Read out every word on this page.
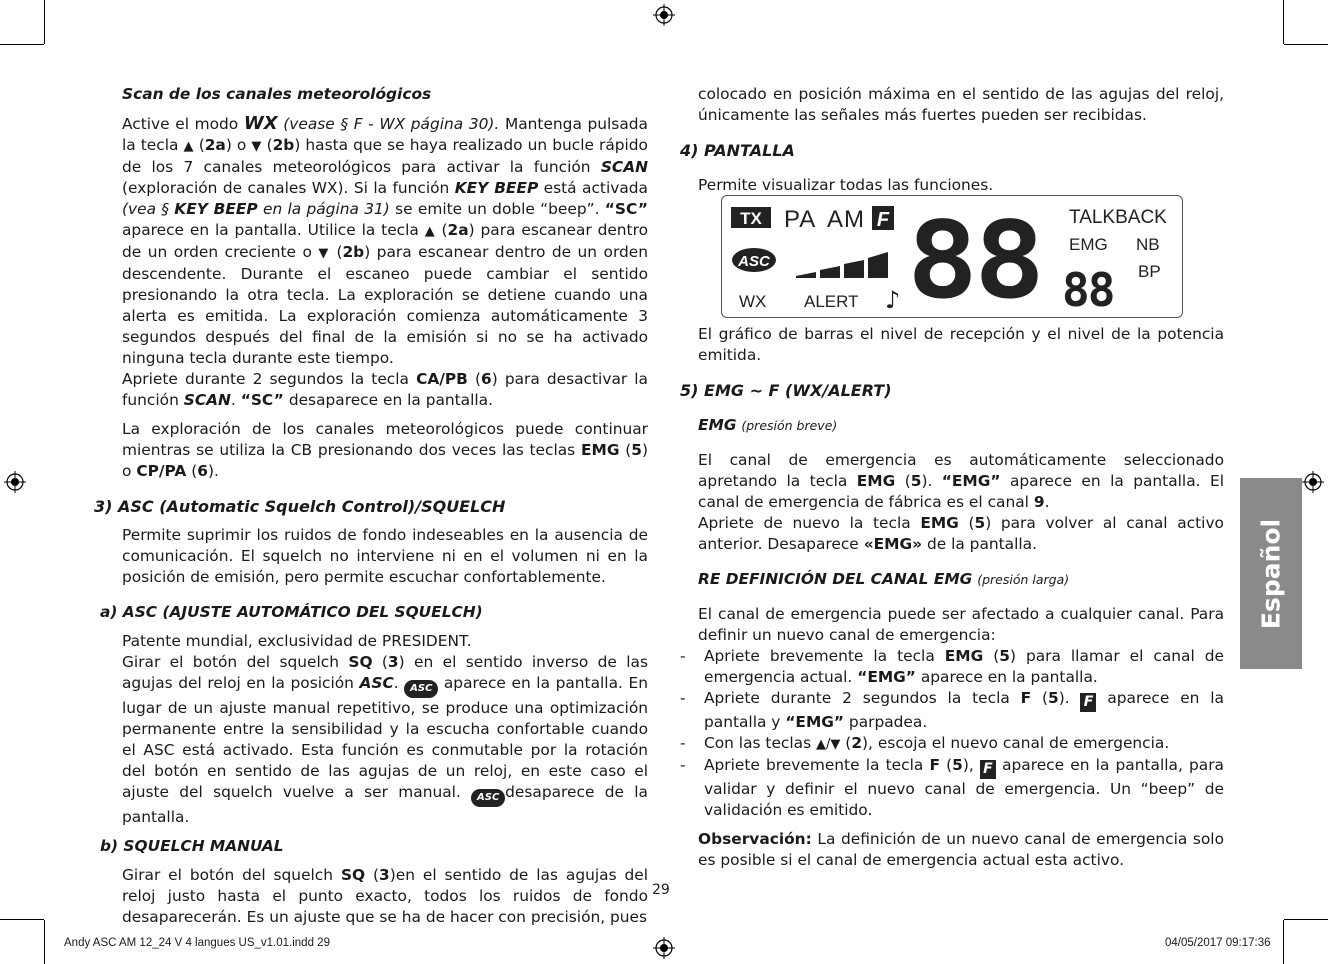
Scan de los canales meteorológicos

Active el modo WX (vease § F - WX página 30). Mantenga pulsada la tecla ▲ (2a) o ▼ (2b) hasta que se haya realizado un bucle rápido de los 7 canales meteorológicos para activar la función SCAN (exploración de canales WX). Si la función KEY BEEP está activada (vea § KEY BEEP en la página 31) se emite un doble “beep”. “SC” aparece en la pantalla. Utilice la tecla ▲ (2a) para escanear dentro de un orden creciente o ▼ (2b) para escanear dentro de un orden descendente. Durante el escaneo puede cambiar el sentido presionando la otra tecla. La exploración se detiene cuando una alerta es emitida. La exploración comienza automáticamente 3 segundos después del final de la emisión si no se ha activado ninguna tecla durante este tiempo.

Apriete durante 2 segundos la tecla CA/PB (6) para desactivar la función SCAN. “SC” desaparece en la pantalla.

La exploración de los canales meteorológicos puede continuar mientras se utiliza la CB presionando dos veces las teclas EMG (5) o CP/PA (6).

3) ASC (Automatic Squelch Control)/SQUELCH

Permite suprimir los ruidos de fondo indeseables en la ausencia de comunicación. El squelch no interviene ni en el volumen ni en la posición de emisión, pero permite escuchar confortablemente.

a) ASC (AJUSTE AUTOMÁTICO DEL SQUELCH)

Patente mundial, exclusividad de PRESIDENT.

Girar el botón del squelch SQ (3) en el sentido inverso de las agujas del reloj en la posición ASC. ASC aparece en la pantalla. En lugar de un ajuste manual repetitivo, se produce una optimización permanente entre la sensibilidad y la escucha confortable cuando el ASC está activado. Esta función es conmutable por la rotación del botón en sentido de las agujas de un reloj, en este caso el ajuste del squelch vuelve a ser manual. ASC desaparece de la pantalla.

b) SQUELCH MANUAL

Girar el botón del squelch SQ (3)en el sentido de las agujas del reloj justo hasta el punto exacto, todos los ruidos de fondo desaparecerán. Es un ajuste que se ha de hacer con precisión, pues

colocado en posición máxima en el sentido de las agujas del reloj, únicamente las señales más fuertes pueden ser recibidas.

4) PANTALLA

Permite visualizar todas las funciones.

TX PA AM F
ASC
WX ALERT ♪ 88 88
TALKBACK
EMG NB
BP

El gráfico de barras el nivel de recepción y el nivel de la potencia emitida.

5) EMG ~ F (WX/ALERT)

EMG (presión breve)

El canal de emergencia es automáticamente seleccionado apretando la tecla EMG (5). “EMG” aparece en la pantalla. El canal de emergencia de fábrica es el canal 9.

Apriete de nuevo la tecla EMG (5) para volver al canal activo anterior. Desaparece «EMG» de la pantalla.

RE DEFINICIÓN DEL CANAL EMG (presión larga)

El canal de emergencia puede ser afectado a cualquier canal. Para definir un nuevo canal de emergencia:

-	Apriete brevemente la tecla EMG (5) para llamar el canal de emergencia actual. “EMG” aparece en la pantalla.
-	Apriete durante 2 segundos la tecla F (5). F aparece en la pantalla y “EMG” parpadea.
-	Con las teclas ▲/▼ (2), escoja el nuevo canal de emergencia.
-	Apriete brevemente la tecla F (5), F aparece en la pantalla, para validar y definir el nuevo canal de emergencia. Un “beep” de validación es emitido.

Observación: La definición de un nuevo canal de emergencia solo es posible si el canal de emergencia actual esta activo.

Español
29
Andy ASC AM 12_24 V 4 langues US_v1.01.indd 29	04/05/2017 09:17:36
